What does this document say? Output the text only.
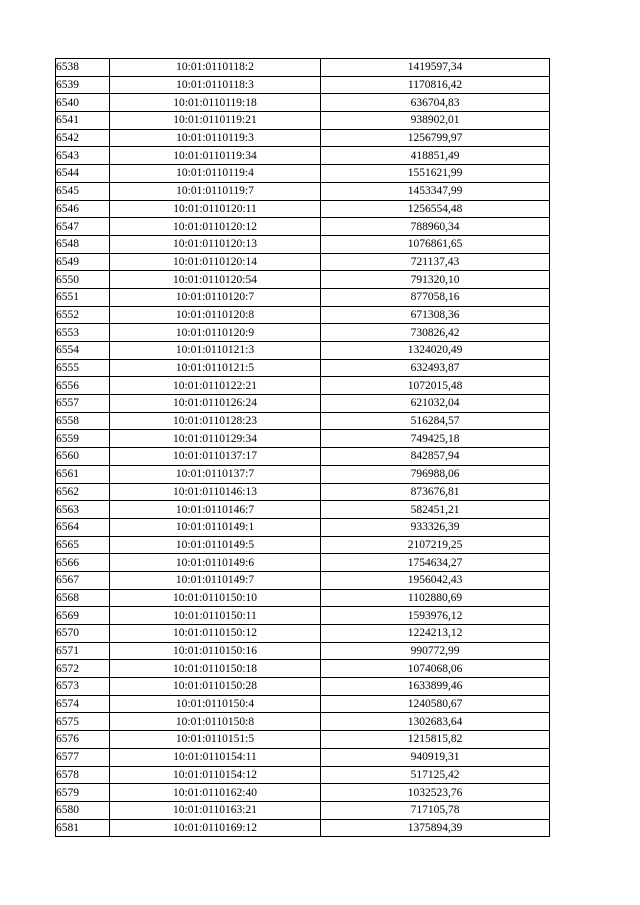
6538	10:01:0110118:2	1419597,34
6539	10:01:0110118:3	1170816,42
6540	10:01:0110119:18	636704,83
6541	10:01:0110119:21	938902,01
6542	10:01:0110119:3	1256799,97
6543	10:01:0110119:34	418851,49
6544	10:01:0110119:4	1551621,99
6545	10:01:0110119:7	1453347,99
6546	10:01:0110120:11	1256554,48
6547	10:01:0110120:12	788960,34
6548	10:01:0110120:13	1076861,65
6549	10:01:0110120:14	721137,43
6550	10:01:0110120:54	791320,10
6551	10:01:0110120:7	877058,16
6552	10:01:0110120:8	671308,36
6553	10:01:0110120:9	730826,42
6554	10:01:0110121:3	1324020,49
6555	10:01:0110121:5	632493,87
6556	10:01:0110122:21	1072015,48
6557	10:01:0110126:24	621032,04
6558	10:01:0110128:23	516284,57
6559	10:01:0110129:34	749425,18
6560	10:01:0110137:17	842857,94
6561	10:01:0110137:7	796988,06
6562	10:01:0110146:13	873676,81
6563	10:01:0110146:7	582451,21
6564	10:01:0110149:1	933326,39
6565	10:01:0110149:5	2107219,25
6566	10:01:0110149:6	1754634,27
6567	10:01:0110149:7	1956042,43
6568	10:01:0110150:10	1102880,69
6569	10:01:0110150:11	1593976,12
6570	10:01:0110150:12	1224213,12
6571	10:01:0110150:16	990772,99
6572	10:01:0110150:18	1074068,06
6573	10:01:0110150:28	1633899,46
6574	10:01:0110150:4	1240580,67
6575	10:01:0110150:8	1302683,64
6576	10:01:0110151:5	1215815,82
6577	10:01:0110154:11	940919,31
6578	10:01:0110154:12	517125,42
6579	10:01:0110162:40	1032523,76
6580	10:01:0110163:21	717105,78
6581	10:01:0110169:12	1375894,39
